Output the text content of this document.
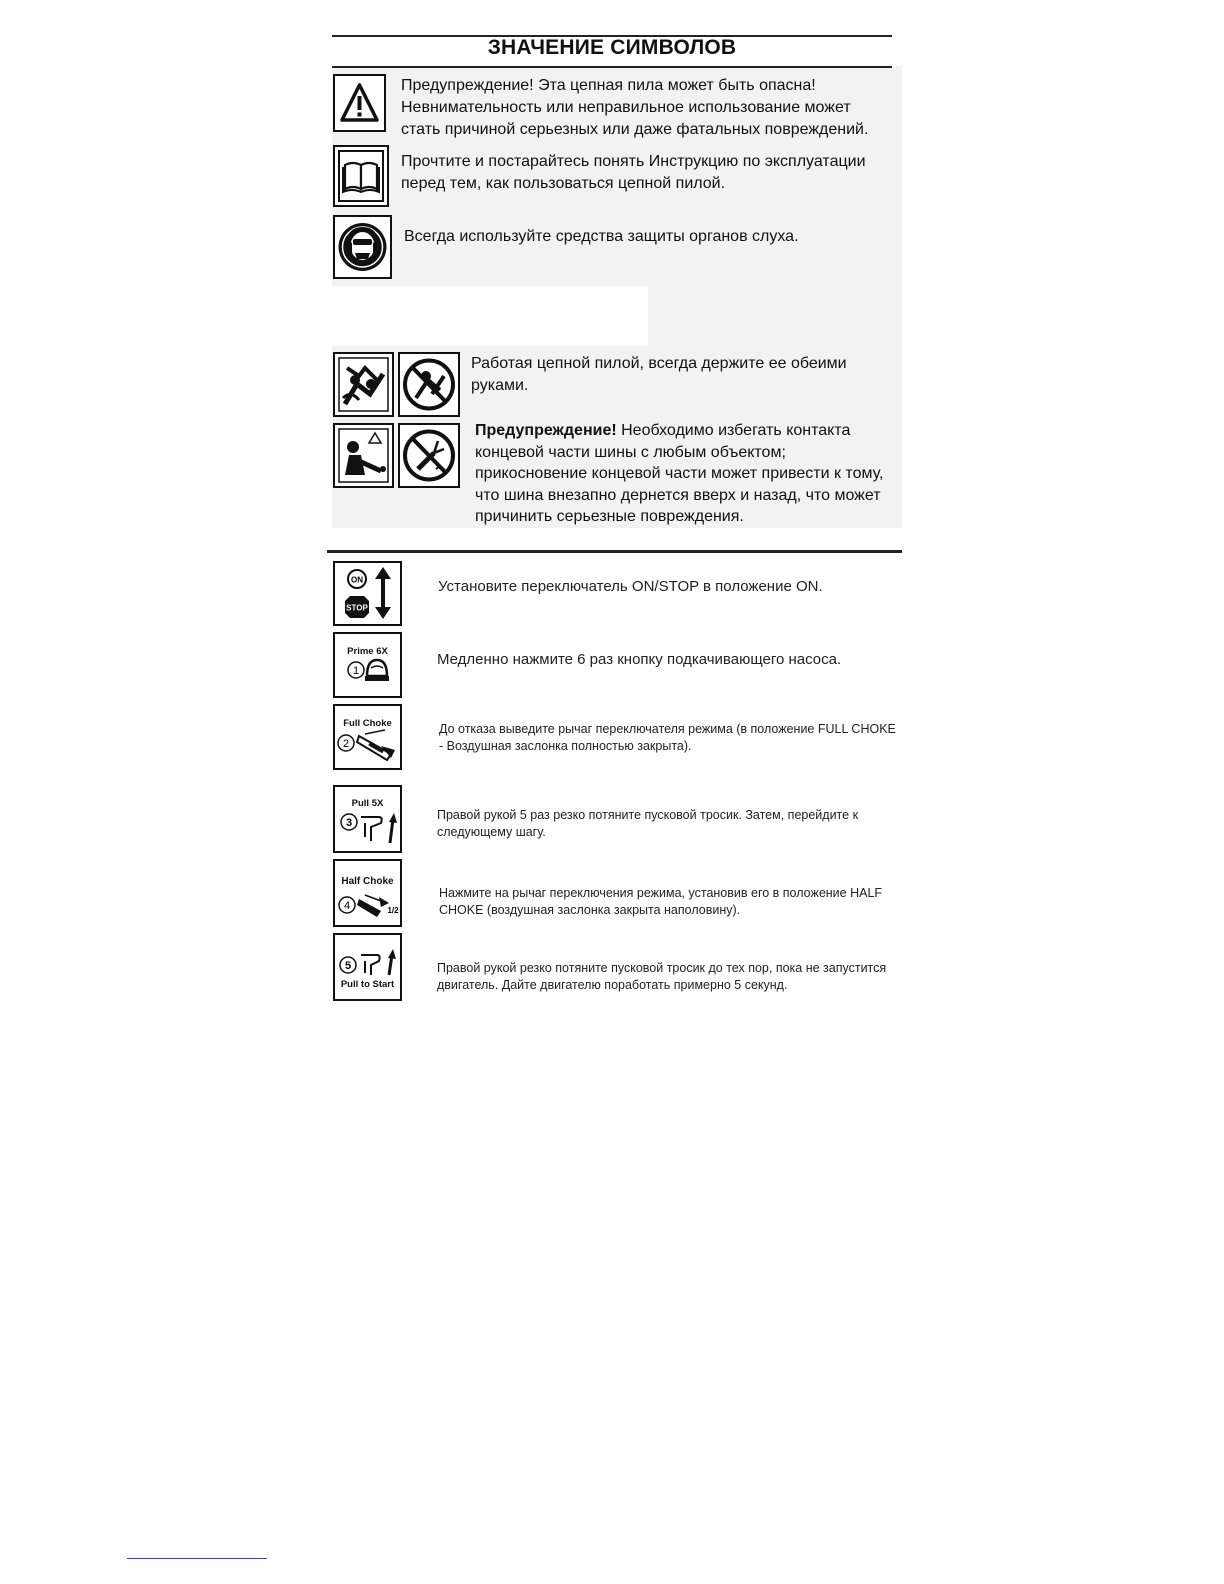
ЗНАЧЕНИЕ СИМВОЛОВ
Предупреждение! Эта цепная пила может быть опасна! Невнимательность или неправильное использование может стать причиной серьезных или даже фатальных повреждений.
Прочтите и постарайтесь понять Инструкцию по эксплуатации перед тем, как пользоваться цепной пилой.
Всегда используйте средства защиты органов слуха.
Работая цепной пилой, всегда держите ее обеими руками.
Предупреждение! Необходимо избегать контакта концевой части шины с любым объектом; прикосновение концевой части может привести к тому, что шина внезапно дернется вверх и назад, что может причинить серьезные повреждения.
ON
STOP
Установите переключатель ON/STOP в положение ON.
Prime 6X
1
Медленно нажмите 6 раз кнопку подкачивающего насоса.
Full Choke
2
До отказа выведите рычаг переключателя режима (в положение FULL CHOKE - Воздушная заслонка полностью закрыта).
Pull 5X
3
Правой рукой 5 раз резко потяните пусковой тросик. Затем, перейдите к следующему шагу.
Half Choke
4	1/2
Нажмите на рычаг переключения режима, установив его в положение HALF CHOKE (воздушная заслонка закрыта наполовину).
Pull to Start
5	Правой рукой резко потяните пусковой тросик до тех пор, пока не запустится двигатель. Дайте двигателю поработать примерно 5 секунд.
